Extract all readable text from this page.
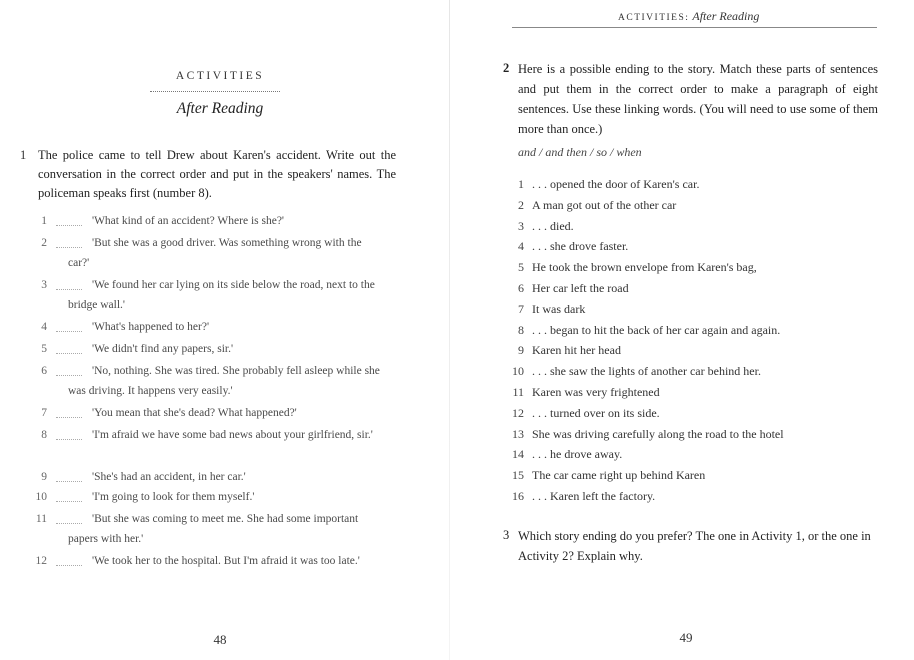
ACTIVITIES
After Reading
1 The police came to tell Drew about Karen's accident. Write out the conversation in the correct order and put in the speakers' names. The policeman speaks first (number 8).
1	'What kind of an accident? Where is she?'
2	'But she was a good driver. Was something wrong with the car?'
3	'We found her car lying on its side below the road, next to the bridge wall.'
4	'What's happened to her?'
5	'We didn't find any papers, sir.'
6	'No, nothing. She was tired. She probably fell asleep while she was driving. It happens very easily.'
7	'You mean that she's dead? What happened?'
8	'I'm afraid we have some bad news about your girlfriend, sir.'
9	'She's had an accident, in her car.'
10	'I'm going to look for them myself.'
11	'But she was coming to meet me. She had some important papers with her.'
12	'We took her to the hospital. But I'm afraid it was too late.'
48
ACTIVITIES: After Reading
2 Here is a possible ending to the story. Match these parts of sentences and put them in the correct order to make a paragraph of eight sentences. Use these linking words. (You will need to use some of them more than once.)
and / and then / so / when
1 . . . opened the door of Karen's car.
2 A man got out of the other car
3 . . . died.
4 . . . she drove faster.
5 He took the brown envelope from Karen's bag,
6 Her car left the road
7 It was dark
8 . . . began to hit the back of her car again and again.
9 Karen hit her head
10 . . . she saw the lights of another car behind her.
11 Karen was very frightened
12 . . . turned over on its side.
13 She was driving carefully along the road to the hotel
14 . . . he drove away.
15 The car came right up behind Karen
16 . . . Karen left the factory.
3 Which story ending do you prefer? The one in Activity 1, or the one in Activity 2? Explain why.
49
